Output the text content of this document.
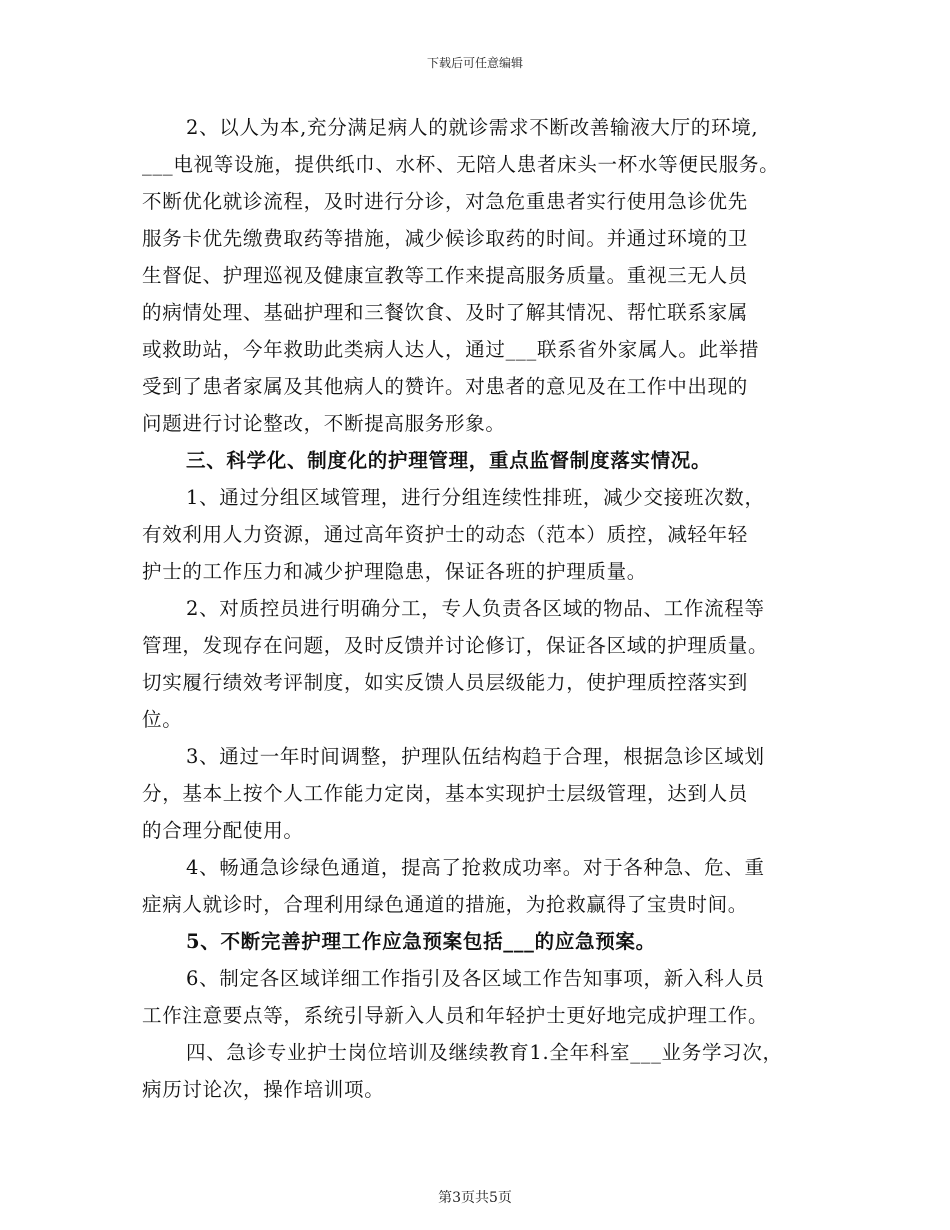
下载后可任意编辑
2、以人为本,充分满足病人的就诊需求不断改善输液大厅的环境,
___电视等设施，提供纸巾、水杯、无陪人患者床头一杯水等便民服务。
不断优化就诊流程，及时进行分诊，对急危重患者实行使用急诊优先
服务卡优先缴费取药等措施，减少候诊取药的时间。并通过环境的卫
生督促、护理巡视及健康宣教等工作来提高服务质量。重视三无人员
的病情处理、基础护理和三餐饮食、及时了解其情况、帮忙联系家属
或救助站，今年救助此类病人达人，通过___联系省外家属人。此举措
受到了患者家属及其他病人的赞许。对患者的意见及在工作中出现的
问题进行讨论整改，不断提高服务形象。
三、科学化、制度化的护理管理，重点监督制度落实情况。
1、通过分组区域管理，进行分组连续性排班，减少交接班次数，
有效利用人力资源，通过高年资护士的动态（范本）质控，减轻年轻
护士的工作压力和减少护理隐患，保证各班的护理质量。
2、对质控员进行明确分工，专人负责各区域的物品、工作流程等
管理，发现存在问题，及时反馈并讨论修订，保证各区域的护理质量。
切实履行绩效考评制度，如实反馈人员层级能力，使护理质控落实到
位。
3、通过一年时间调整，护理队伍结构趋于合理，根据急诊区域划
分，基本上按个人工作能力定岗，基本实现护士层级管理，达到人员
的合理分配使用。
4、畅通急诊绿色通道，提高了抢救成功率。对于各种急、危、重
症病人就诊时，合理利用绿色通道的措施，为抢救赢得了宝贵时间。
5、不断完善护理工作应急预案包括___的应急预案。
6、制定各区域详细工作指引及各区域工作告知事项，新入科人员
工作注意要点等，系统引导新入人员和年轻护士更好地完成护理工作。
四、急诊专业护士岗位培训及继续教育1.全年科室___业务学习次，
病历讨论次，操作培训项。
第3页共5页
